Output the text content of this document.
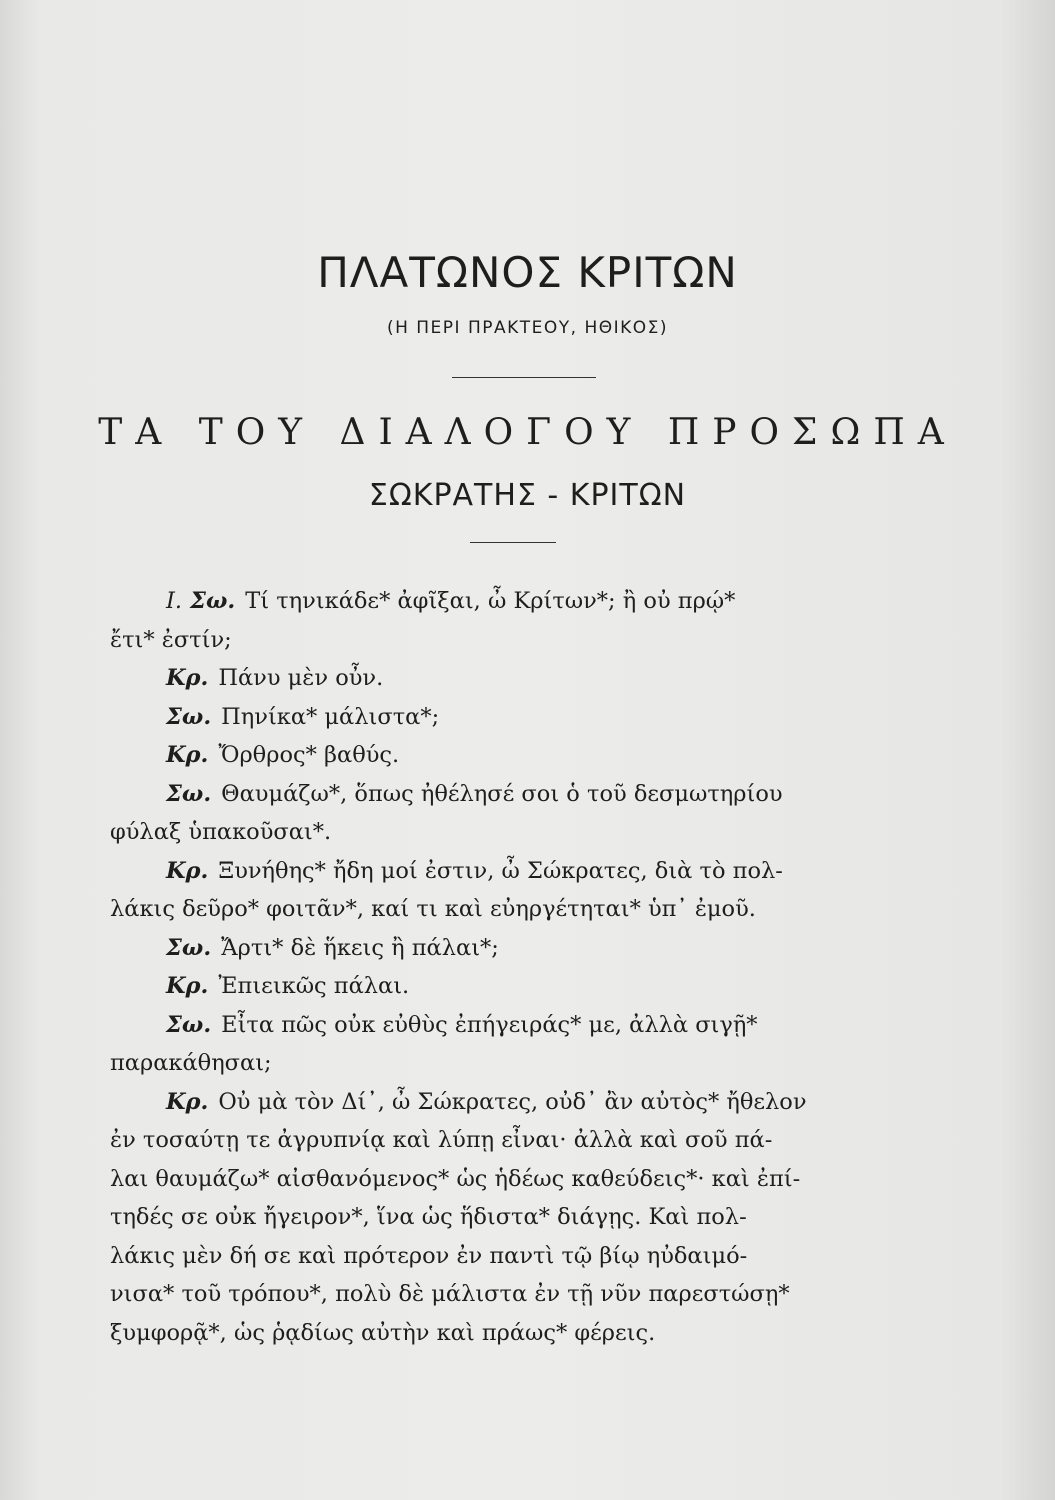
ΠΛΑΤΩΝΟΣ ΚΡΙΤΩΝ
(Η ΠΕΡΙ ΠΡΑΚΤΕΟΥ, ΗΘΙΚΟΣ)
ΤΑ ΤΟΥ ΔΙΑΛΟΓΟΥ ΠΡΟΣΩΠΑ
ΣΩΚΡΑΤΗΣ - ΚΡΙΤΩΝ
I. Σω. Τί τηνικάδε* ἀφῖξαι, ὦ Κρίτων*; ἢ οὐ πρῴ*
ἔτι* ἐστίν;
Κρ. Πάνυ μὲν οὖν.
Σω. Πηνίκα* μάλιστα*;
Κρ. Ὄρθρος* βαθύς.
Σω. Θαυμάζω*, ὅπως ἠθέλησέ σοι ὁ τοῦ δεσμωτηρίου
φύλαξ ὑπακοῦσαι*.
Κρ. Ξυνήθης* ἤδη μοί ἐστιν, ὦ Σώκρατες, διὰ τὸ πολ-
λάκις δεῦρο* φοιτᾶν*, καί τι καὶ εὐηργέτηται* ὑπ᾽ ἐμοῦ.
Σω. Ἄρτι* δὲ ἥκεις ἢ πάλαι*;
Κρ. Ἐπιεικῶς πάλαι.
Σω. Εἶτα πῶς οὐκ εὐθὺς ἐπήγειράς* με, ἀλλὰ σιγῇ*
παρακάθησαι;
Κρ. Οὐ μὰ τὸν Δί᾽, ὦ Σώκρατες, οὐδ᾽ ἂν αὐτὸς* ἤθελον
ἐν τοσαύτῃ τε ἀγρυπνίᾳ καὶ λύπῃ εἶναι· ἀλλὰ καὶ σοῦ πά-
λαι θαυμάζω* αἰσθανόμενος* ὡς ἡδέως καθεύδεις*· καὶ ἐπί-
τηδές σε οὐκ ἤγειρον*, ἵνα ὡς ἥδιστα* διάγῃς. Καὶ πολ-
λάκις μὲν δή σε καὶ πρότερον ἐν παντὶ τῷ βίῳ ηὐδαιμό-
νισα* τοῦ τρόπου*, πολὺ δὲ μάλιστα ἐν τῇ νῦν παρεστώσῃ*
ξυμφορᾷ*, ὡς ῥᾳδίως αὐτὴν καὶ πράως* φέρεις.
